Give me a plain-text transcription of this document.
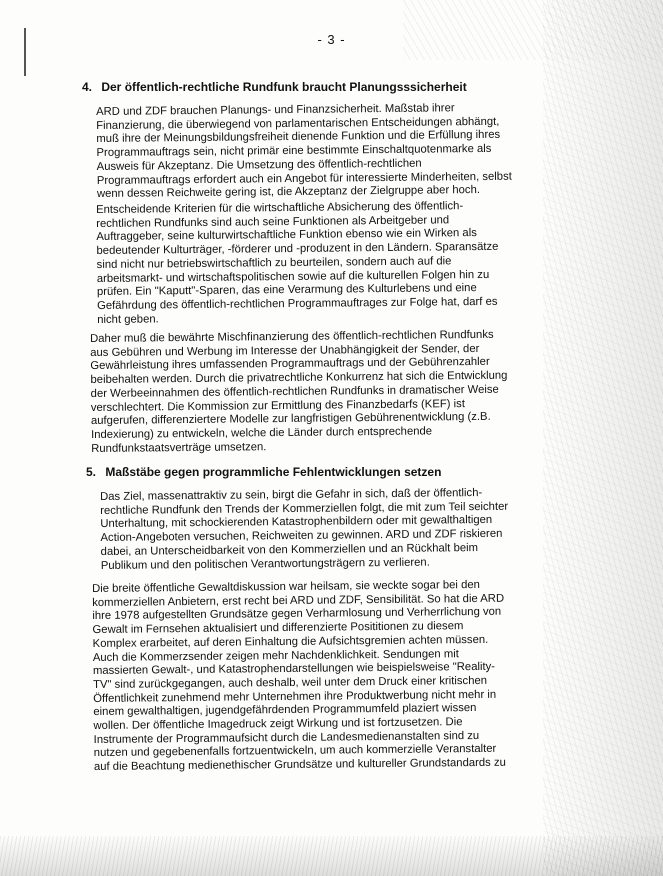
- 3 -
4. Der öffentlich-rechtliche Rundfunk braucht Planungsssicherheit
ARD und ZDF brauchen Planungs- und Finanzsicherheit. Maßstab ihrer
Finanzierung, die überwiegend von parlamentarischen Entscheidungen abhängt,
muß ihre der Meinungsbildungsfreiheit dienende Funktion und die Erfüllung ihres
Programmauftrags sein, nicht primär eine bestimmte Einschaltquotenmarke als
Ausweis für Akzeptanz. Die Umsetzung des öffentlich-rechtlichen
Programmauftrags erfordert auch ein Angebot für interessierte Minderheiten, selbst
wenn dessen Reichweite gering ist, die Akzeptanz der Zielgruppe aber hoch.
Entscheidende Kriterien für die wirtschaftliche Absicherung des öffentlich-
rechtlichen Rundfunks sind auch seine Funktionen als Arbeitgeber und
Auftraggeber, seine kulturwirtschaftliche Funktion ebenso wie ein Wirken als
bedeutender Kulturträger, -förderer und -produzent in den Ländern. Sparansätze
sind nicht nur betriebswirtschaftlich zu beurteilen, sondern auch auf die
arbeitsmarkt- und wirtschaftspolitischen sowie auf die kulturellen Folgen hin zu
prüfen. Ein "Kaputt"-Sparen, das eine Verarmung des Kulturlebens und eine
Gefährdung des öffentlich-rechtlichen Programmauftrages zur Folge hat, darf es
nicht geben.
Daher muß die bewährte Mischfinanzierung des öffentlich-rechtlichen Rundfunks
aus Gebühren und Werbung im Interesse der Unabhängigkeit der Sender, der
Gewährleistung ihres umfassenden Programmauftrags und der Gebührenzahler
beibehalten werden. Durch die privatrechtliche Konkurrenz hat sich die Entwicklung
der Werbeeinnahmen des öffentlich-rechtlichen Rundfunks in dramatischer Weise
verschlechtert. Die Kommission zur Ermittlung des Finanzbedarfs (KEF) ist
aufgerufen, differenziertere Modelle zur langfristigen Gebührenentwicklung (z.B.
Indexierung) zu entwickeln, welche die Länder durch entsprechende
Rundfunkstaatsverträge umsetzen.
5. Maßstäbe gegen programmliche Fehlentwicklungen setzen
Das Ziel, massenattraktiv zu sein, birgt die Gefahr in sich, daß der öffentlich-
rechtliche Rundfunk den Trends der Kommerziellen folgt, die mit zum Teil seichter
Unterhaltung, mit schockierenden Katastrophenbildern oder mit gewalthaltigen
Action-Angeboten versuchen, Reichweiten zu gewinnen. ARD und ZDF riskieren
dabei, an Unterscheidbarkeit von den Kommerziellen und an Rückhalt beim
Publikum und den politischen Verantwortungsträgern zu verlieren.
Die breite öffentliche Gewaltdiskussion war heilsam, sie weckte sogar bei den
kommerziellen Anbietern, erst recht bei ARD und ZDF, Sensibilität. So hat die ARD
ihre 1978 aufgestellten Grundsätze gegen Verharmlosung und Verherrlichung von
Gewalt im Fernsehen aktualisiert und differenzierte Posititionen zu diesem
Komplex erarbeitet, auf deren Einhaltung die Aufsichtsgremien achten müssen.
Auch die Kommerzsender zeigen mehr Nachdenklichkeit. Sendungen mit
massierten Gewalt-, und Katastrophendarstellungen wie beispielsweise "Reality-
TV" sind zurückgegangen, auch deshalb, weil unter dem Druck einer kritischen
Öffentlichkeit zunehmend mehr Unternehmen ihre Produktwerbung nicht mehr in
einem gewalthaltigen, jugendgefährdenden Programmumfeld plaziert wissen
wollen. Der öffentliche Imagedruck zeigt Wirkung und ist fortzusetzen. Die
Instrumente der Programmaufsicht durch die Landesmedienanstalten sind zu
nutzen und gegebenenfalls fortzuentwickeln, um auch kommerzielle Veranstalter
auf die Beachtung medienethischer Grundsätze und kultureller Grundstandards zu
